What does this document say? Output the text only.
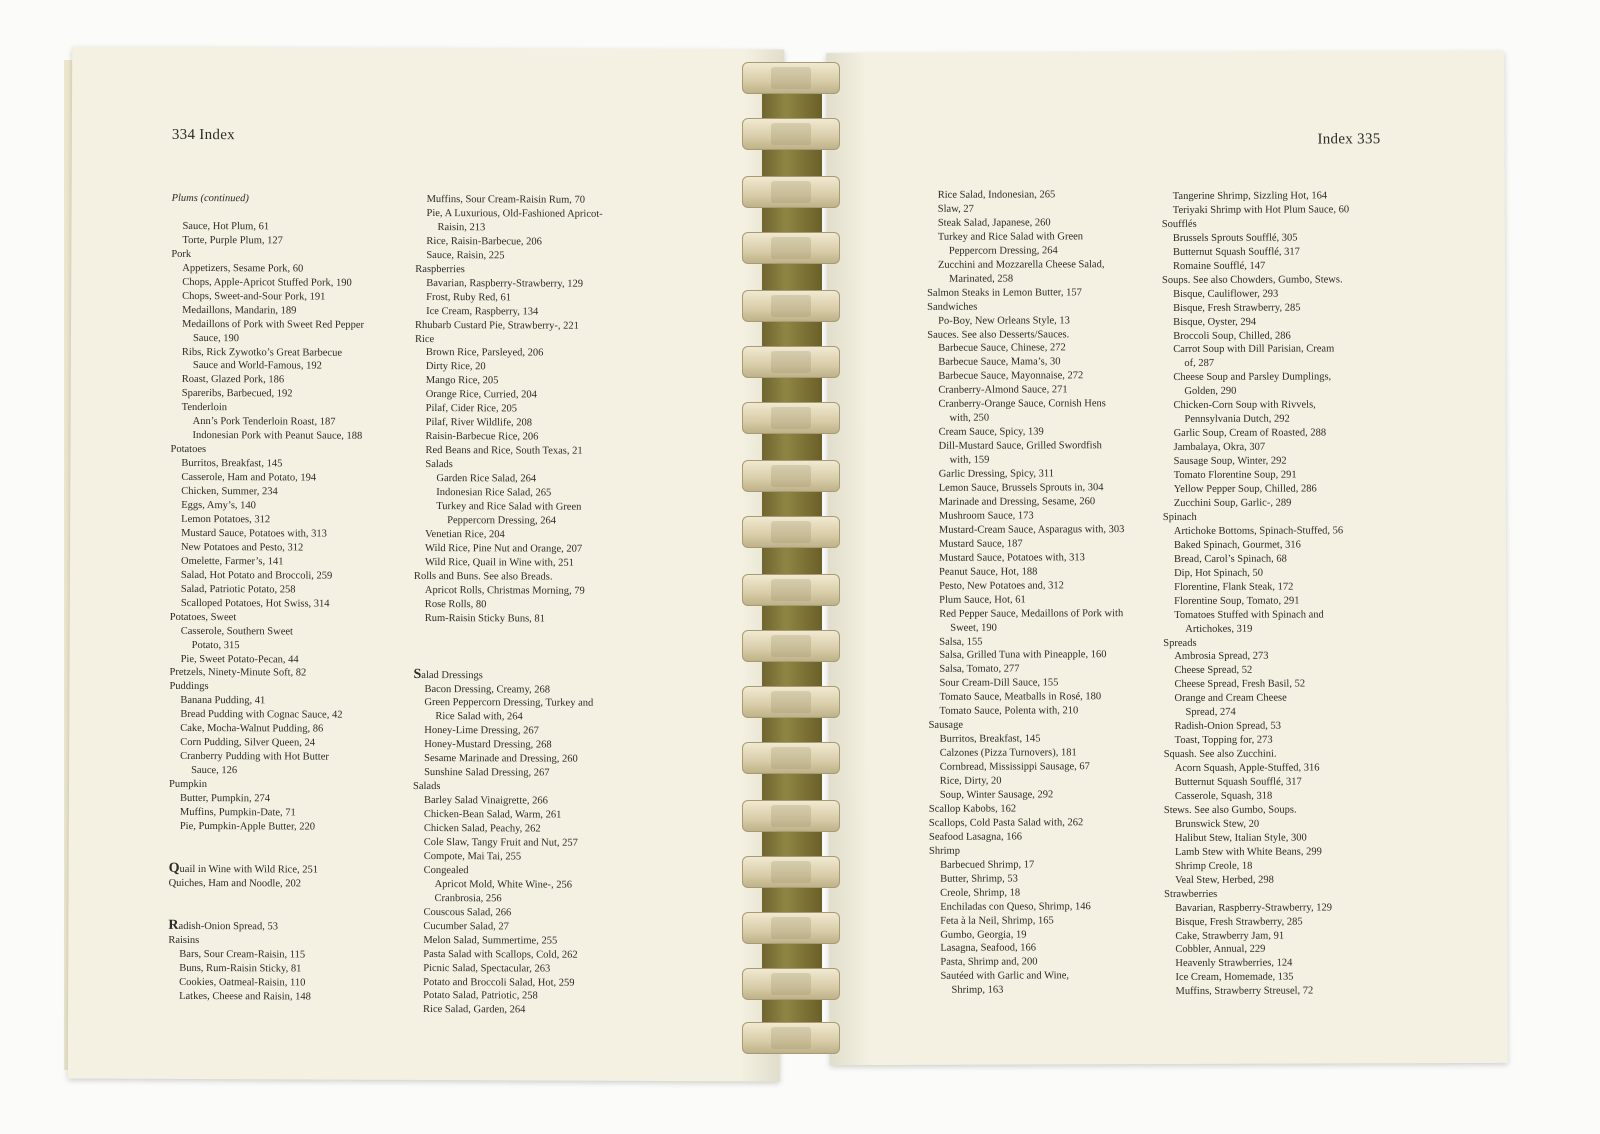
334 Index
Plums (continued)
Sauce, Hot Plum, 61
Torte, Purple Plum, 127
Pork
Appetizers, Sesame Pork, 60
Chops, Apple-Apricot Stuffed Pork, 190
Chops, Sweet-and-Sour Pork, 191
Medaillons, Mandarin, 189
Medaillons of Pork with Sweet Red Pepper
Sauce, 190
Ribs, Rick Zywotko’s Great Barbecue
Sauce and World-Famous, 192
Roast, Glazed Pork, 186
Spareribs, Barbecued, 192
Tenderloin
Ann’s Pork Tenderloin Roast, 187
Indonesian Pork with Peanut Sauce, 188
Potatoes
Burritos, Breakfast, 145
Casserole, Ham and Potato, 194
Chicken, Summer, 234
Eggs, Amy’s, 140
Lemon Potatoes, 312
Mustard Sauce, Potatoes with, 313
New Potatoes and Pesto, 312
Omelette, Farmer’s, 141
Salad, Hot Potato and Broccoli, 259
Salad, Patriotic Potato, 258
Scalloped Potatoes, Hot Swiss, 314
Potatoes, Sweet
Casserole, Southern Sweet
Potato, 315
Pie, Sweet Potato-Pecan, 44
Pretzels, Ninety-Minute Soft, 82
Puddings
Banana Pudding, 41
Bread Pudding with Cognac Sauce, 42
Cake, Mocha-Walnut Pudding, 86
Corn Pudding, Silver Queen, 24
Cranberry Pudding with Hot Butter
Sauce, 126
Pumpkin
Butter, Pumpkin, 274
Muffins, Pumpkin-Date, 71
Pie, Pumpkin-Apple Butter, 220
Quail in Wine with Wild Rice, 251
Quiches, Ham and Noodle, 202
Radish-Onion Spread, 53
Raisins
Bars, Sour Cream-Raisin, 115
Buns, Rum-Raisin Sticky, 81
Cookies, Oatmeal-Raisin, 110
Latkes, Cheese and Raisin, 148
Muffins, Sour Cream-Raisin Rum, 70
Pie, A Luxurious, Old-Fashioned Apricot-
Raisin, 213
Rice, Raisin-Barbecue, 206
Sauce, Raisin, 225
Raspberries
Bavarian, Raspberry-Strawberry, 129
Frost, Ruby Red, 61
Ice Cream, Raspberry, 134
Rhubarb Custard Pie, Strawberry-, 221
Rice
Brown Rice, Parsleyed, 206
Dirty Rice, 20
Mango Rice, 205
Orange Rice, Curried, 204
Pilaf, Cider Rice, 205
Pilaf, River Wildlife, 208
Raisin-Barbecue Rice, 206
Red Beans and Rice, South Texas, 21
Salads
Garden Rice Salad, 264
Indonesian Rice Salad, 265
Turkey and Rice Salad with Green
Peppercorn Dressing, 264
Venetian Rice, 204
Wild Rice, Pine Nut and Orange, 207
Wild Rice, Quail in Wine with, 251
Rolls and Buns. See also Breads.
Apricot Rolls, Christmas Morning, 79
Rose Rolls, 80
Rum-Raisin Sticky Buns, 81
Salad Dressings
Bacon Dressing, Creamy, 268
Green Peppercorn Dressing, Turkey and
Rice Salad with, 264
Honey-Lime Dressing, 267
Honey-Mustard Dressing, 268
Sesame Marinade and Dressing, 260
Sunshine Salad Dressing, 267
Salads
Barley Salad Vinaigrette, 266
Chicken-Bean Salad, Warm, 261
Chicken Salad, Peachy, 262
Cole Slaw, Tangy Fruit and Nut, 257
Compote, Mai Tai, 255
Congealed
Apricot Mold, White Wine-, 256
Cranbrosia, 256
Couscous Salad, 266
Cucumber Salad, 27
Melon Salad, Summertime, 255
Pasta Salad with Scallops, Cold, 262
Picnic Salad, Spectacular, 263
Potato and Broccoli Salad, Hot, 259
Potato Salad, Patriotic, 258
Rice Salad, Garden, 264
Index 335
Rice Salad, Indonesian, 265
Slaw, 27
Steak Salad, Japanese, 260
Turkey and Rice Salad with Green
Peppercorn Dressing, 264
Zucchini and Mozzarella Cheese Salad,
Marinated, 258
Salmon Steaks in Lemon Butter, 157
Sandwiches
Po-Boy, New Orleans Style, 13
Sauces. See also Desserts/Sauces.
Barbecue Sauce, Chinese, 272
Barbecue Sauce, Mama’s, 30
Barbecue Sauce, Mayonnaise, 272
Cranberry-Almond Sauce, 271
Cranberry-Orange Sauce, Cornish Hens
with, 250
Cream Sauce, Spicy, 139
Dill-Mustard Sauce, Grilled Swordfish
with, 159
Garlic Dressing, Spicy, 311
Lemon Sauce, Brussels Sprouts in, 304
Marinade and Dressing, Sesame, 260
Mushroom Sauce, 173
Mustard-Cream Sauce, Asparagus with, 303
Mustard Sauce, 187
Mustard Sauce, Potatoes with, 313
Peanut Sauce, Hot, 188
Pesto, New Potatoes and, 312
Plum Sauce, Hot, 61
Red Pepper Sauce, Medaillons of Pork with
Sweet, 190
Salsa, 155
Salsa, Grilled Tuna with Pineapple, 160
Salsa, Tomato, 277
Sour Cream-Dill Sauce, 155
Tomato Sauce, Meatballs in Rosé, 180
Tomato Sauce, Polenta with, 210
Sausage
Burritos, Breakfast, 145
Calzones (Pizza Turnovers), 181
Cornbread, Mississippi Sausage, 67
Rice, Dirty, 20
Soup, Winter Sausage, 292
Scallop Kabobs, 162
Scallops, Cold Pasta Salad with, 262
Seafood Lasagna, 166
Shrimp
Barbecued Shrimp, 17
Butter, Shrimp, 53
Creole, Shrimp, 18
Enchiladas con Queso, Shrimp, 146
Feta à la Neil, Shrimp, 165
Gumbo, Georgia, 19
Lasagna, Seafood, 166
Pasta, Shrimp and, 200
Sautéed with Garlic and Wine,
Shrimp, 163
Tangerine Shrimp, Sizzling Hot, 164
Teriyaki Shrimp with Hot Plum Sauce, 60
Soufflés
Brussels Sprouts Soufflé, 305
Butternut Squash Soufflé, 317
Romaine Soufflé, 147
Soups. See also Chowders, Gumbo, Stews.
Bisque, Cauliflower, 293
Bisque, Fresh Strawberry, 285
Bisque, Oyster, 294
Broccoli Soup, Chilled, 286
Carrot Soup with Dill Parisian, Cream
of, 287
Cheese Soup and Parsley Dumplings,
Golden, 290
Chicken-Corn Soup with Rivvels,
Pennsylvania Dutch, 292
Garlic Soup, Cream of Roasted, 288
Jambalaya, Okra, 307
Sausage Soup, Winter, 292
Tomato Florentine Soup, 291
Yellow Pepper Soup, Chilled, 286
Zucchini Soup, Garlic-, 289
Spinach
Artichoke Bottoms, Spinach-Stuffed, 56
Baked Spinach, Gourmet, 316
Bread, Carol’s Spinach, 68
Dip, Hot Spinach, 50
Florentine, Flank Steak, 172
Florentine Soup, Tomato, 291
Tomatoes Stuffed with Spinach and
Artichokes, 319
Spreads
Ambrosia Spread, 273
Cheese Spread, 52
Cheese Spread, Fresh Basil, 52
Orange and Cream Cheese
Spread, 274
Radish-Onion Spread, 53
Toast, Topping for, 273
Squash. See also Zucchini.
Acorn Squash, Apple-Stuffed, 316
Butternut Squash Soufflé, 317
Casserole, Squash, 318
Stews. See also Gumbo, Soups.
Brunswick Stew, 20
Halibut Stew, Italian Style, 300
Lamb Stew with White Beans, 299
Shrimp Creole, 18
Veal Stew, Herbed, 298
Strawberries
Bavarian, Raspberry-Strawberry, 129
Bisque, Fresh Strawberry, 285
Cake, Strawberry Jam, 91
Cobbler, Annual, 229
Heavenly Strawberries, 124
Ice Cream, Homemade, 135
Muffins, Strawberry Streusel, 72
